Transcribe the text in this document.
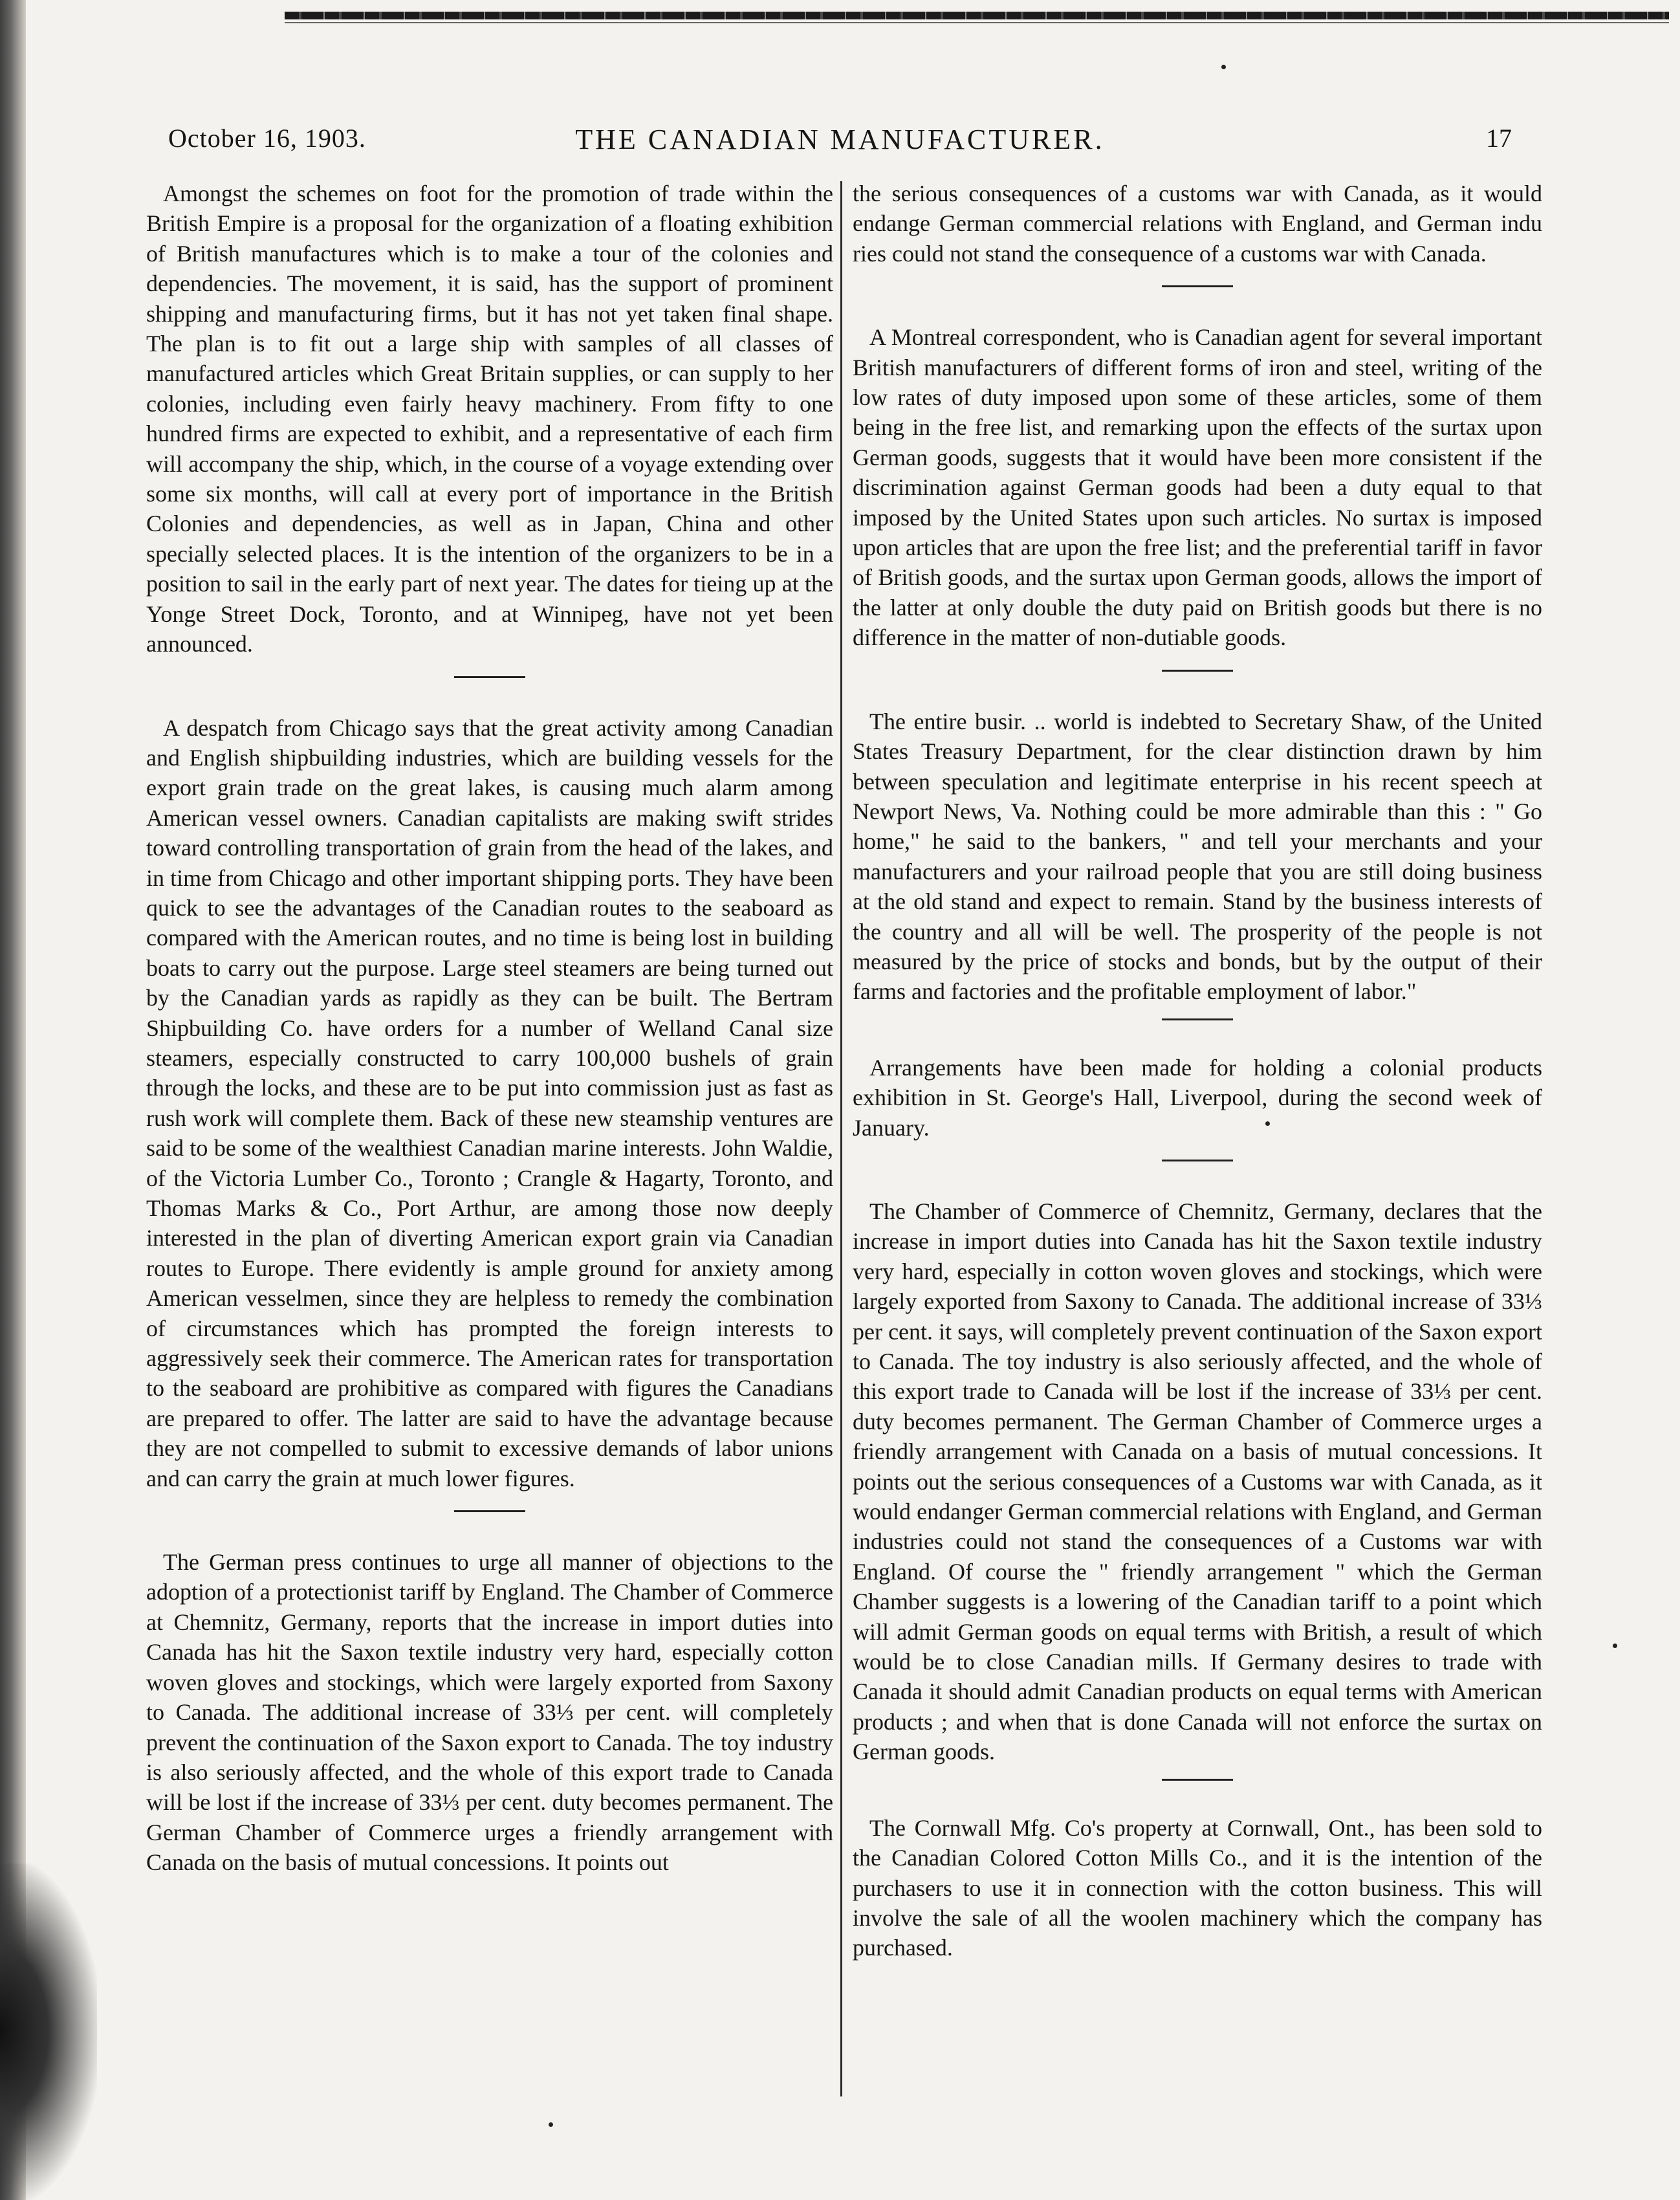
October 16, 1903.	THE CANADIAN MANUFACTURER.	17

Amongst the schemes on foot for the promotion of trade within the British Empire is a proposal for the organization of a floating exhibition of British manufactures which is to make a tour of the colonies and dependencies. The movement, it is said, has the support of prominent shipping and manufacturing firms, but it has not yet taken final shape. The plan is to fit out a large ship with samples of all classes of manufactured articles which Great Britain supplies, or can supply to her colonies, including even fairly heavy machinery. From fifty to one hundred firms are expected to exhibit, and a representative of each firm will accompany the ship, which, in the course of a voyage extending over some six months, will call at every port of importance in the British Colonies and dependencies, as well as in Japan, China and other specially selected places. It is the intention of the organizers to be in a position to sail in the early part of next year. The dates for tieing up at the Yonge Street Dock, Toronto, and at Winnipeg, have not yet been announced.

A despatch from Chicago says that the great activity among Canadian and English shipbuilding industries, which are building vessels for the export grain trade on the great lakes, is causing much alarm among American vessel owners. Canadian capitalists are making swift strides toward controlling transportation of grain from the head of the lakes, and in time from Chicago and other important shipping ports. They have been quick to see the advantages of the Canadian routes to the seaboard as compared with the American routes, and no time is being lost in building boats to carry out the purpose. Large steel steamers are being turned out by the Canadian yards as rapidly as they can be built. The Bertram Shipbuilding Co. have orders for a number of Welland Canal size steamers, especially constructed to carry 100,000 bushels of grain through the locks, and these are to be put into commission just as fast as rush work will complete them. Back of these new steamship ventures are said to be some of the wealthiest Canadian marine interests. John Waldie, of the Victoria Lumber Co., Toronto ; Crangle & Hagarty, Toronto, and Thomas Marks & Co., Port Arthur, are among those now deeply interested in the plan of diverting American export grain via Canadian routes to Europe. There evidently is ample ground for anxiety among American vesselmen, since they are helpless to remedy the combination of circumstances which has prompted the foreign interests to aggressively seek their commerce. The American rates for transportation to the seaboard are prohibitive as compared with figures the Canadians are prepared to offer. The latter are said to have the advantage because they are not compelled to submit to excessive demands of labor unions and can carry the grain at much lower figures.

The German press continues to urge all manner of objections to the adoption of a protectionist tariff by England. The Chamber of Commerce at Chemnitz, Germany, reports that the increase in import duties into Canada has hit the Saxon textile industry very hard, especially cotton woven gloves and stockings, which were largely exported from Saxony to Canada. The additional increase of 33⅓ per cent. will completely prevent the continuation of the Saxon export to Canada. The toy industry is also seriously affected, and the whole of this export trade to Canada will be lost if the increase of 33⅓ per cent. duty becomes permanent. The German Chamber of Commerce urges a friendly arrangement with Canada on the basis of mutual concessions. It points out

the serious consequences of a customs war with Canada, as it would endange German commercial relations with England, and German indu ries could not stand the consequence of a customs war with Canada.

A Montreal correspondent, who is Canadian agent for several important British manufacturers of different forms of iron and steel, writing of the low rates of duty imposed upon some of these articles, some of them being in the free list, and remarking upon the effects of the surtax upon German goods, suggests that it would have been more consistent if the discrimination against German goods had been a duty equal to that imposed by the United States upon such articles. No surtax is imposed upon articles that are upon the free list; and the preferential tariff in favor of British goods, and the surtax upon German goods, allows the import of the latter at only double the duty paid on British goods but there is no difference in the matter of non-dutiable goods.

The entire busir. .. world is indebted to Secretary Shaw, of the United States Treasury Department, for the clear distinction drawn by him between speculation and legitimate enterprise in his recent speech at Newport News, Va. Nothing could be more admirable than this : " Go home," he said to the bankers, " and tell your merchants and your manufacturers and your railroad people that you are still doing business at the old stand and expect to remain. Stand by the business interests of the country and all will be well. The prosperity of the people is not measured by the price of stocks and bonds, but by the output of their farms and factories and the profitable employment of labor."

Arrangements have been made for holding a colonial products exhibition in St. George's Hall, Liverpool, during the second week of January.

The Chamber of Commerce of Chemnitz, Germany, declares that the increase in import duties into Canada has hit the Saxon textile industry very hard, especially in cotton woven gloves and stockings, which were largely exported from Saxony to Canada. The additional increase of 33⅓ per cent. it says, will completely prevent continuation of the Saxon export to Canada. The toy industry is also seriously affected, and the whole of this export trade to Canada will be lost if the increase of 33⅓ per cent. duty becomes permanent. The German Chamber of Commerce urges a friendly arrangement with Canada on a basis of mutual concessions. It points out the serious consequences of a Customs war with Canada, as it would endanger German commercial relations with England, and German industries could not stand the consequences of a Customs war with England. Of course the " friendly arrangement " which the German Chamber suggests is a lowering of the Canadian tariff to a point which will admit German goods on equal terms with British, a result of which would be to close Canadian mills. If Germany desires to trade with Canada it should admit Canadian products on equal terms with American products ; and when that is done Canada will not enforce the surtax on German goods.

The Cornwall Mfg. Co's property at Cornwall, Ont., has been sold to the Canadian Colored Cotton Mills Co., and it is the intention of the purchasers to use it in connection with the cotton business. This will involve the sale of all the woolen machinery which the company has purchased.
